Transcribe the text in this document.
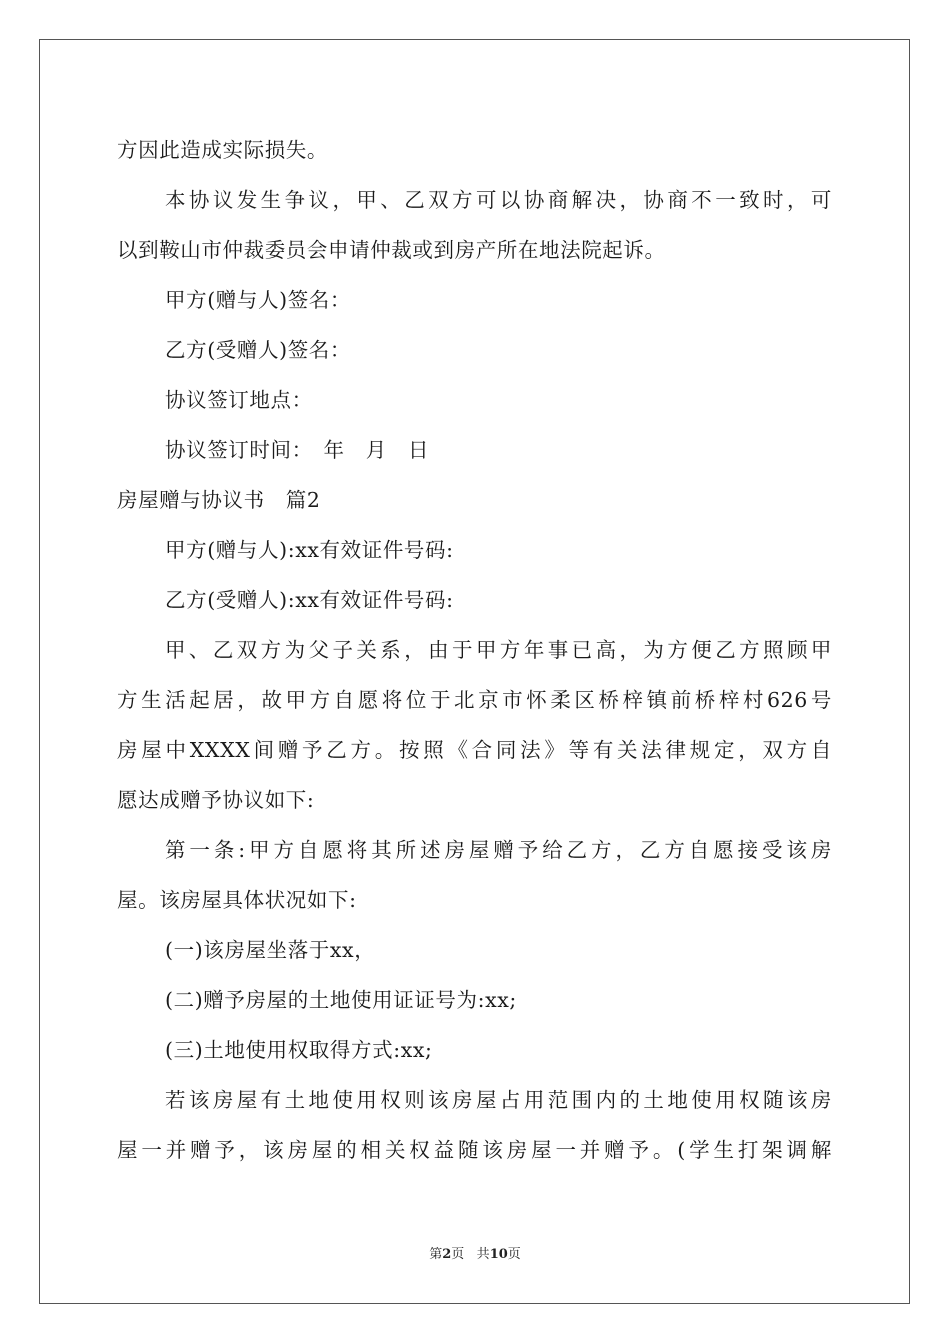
方因此造成实际损失。
本协议发生争议，甲、乙双方可以协商解决，协商不一致时，可
以到鞍山市仲裁委员会申请仲裁或到房产所在地法院起诉。
甲方(赠与人)签名：
乙方(受赠人)签名：
协议签订地点：
协议签订时间：　年　月　日
房屋赠与协议书　篇2
甲方(赠与人):xx有效证件号码:
乙方(受赠人):xx有效证件号码:
甲、乙双方为父子关系，由于甲方年事已高，为方便乙方照顾甲
方生活起居，故甲方自愿将位于北京市怀柔区桥梓镇前桥梓村626号
房屋中XXXX间赠予乙方。按照《合同法》等有关法律规定，双方自
愿达成赠予协议如下:
第一条:甲方自愿将其所述房屋赠予给乙方，乙方自愿接受该房
屋。该房屋具体状况如下:
(一)该房屋坐落于xx，
(二)赠予房屋的土地使用证证号为:xx;
(三)土地使用权取得方式:xx;
若该房屋有土地使用权则该房屋占用范围内的土地使用权随该房
屋一并赠予，该房屋的相关权益随该房屋一并赠予。(学生打架调解
第2页 共10页
